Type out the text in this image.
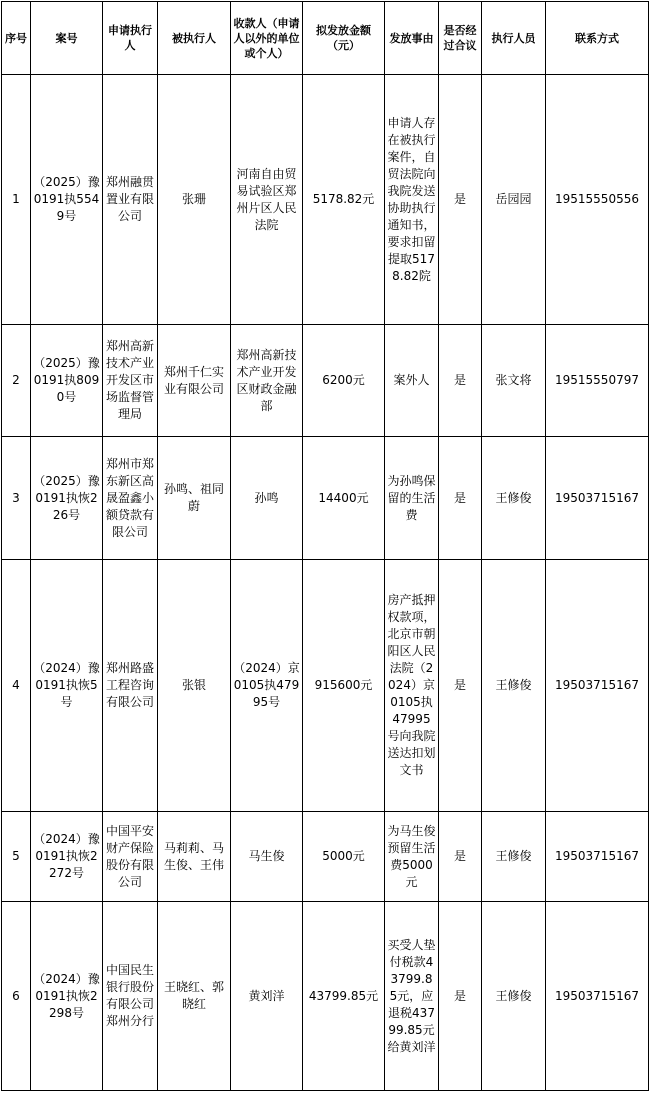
序号	案号	申请执行人	被执行人	收款人（申请人以外的单位或个人）	拟发放金额（元）	发放事由	是否经过合议	执行人员	联系方式
1	（2025）豫0191执5549号	郑州融贯置业有限公司	张珊	河南自由贸易试验区郑州片区人民法院	5178.82元	申请人存在被执行案件，自贸法院向我院发送协助执行通知书，要求扣留提取5178.82院	是	岳园园	19515550556
2	（2025）豫0191执8090号	郑州高新技术产业开发区市场监督管理局	郑州千仁实业有限公司	郑州高新技术产业开发区财政金融部	6200元	案外人	是	张文将	19515550797
3	（2025）豫0191执恢226号	郑州市郑东新区高晟盈鑫小额贷款有限公司	孙鸣、祖同蔚	孙鸣	14400元	为孙鸣保留的生活费	是	王修俊	19503715167
4	（2024）豫0191执恢5号	郑州路盛工程咨询有限公司	张银	（2024）京0105执47995号	915600元	房产抵押权款项，北京市朝阳区人民法院（2024）京0105执47995号向我院送达扣划文书	是	王修俊	19503715167
5	（2024）豫0191执恢2272号	中国平安财产保险股份有限公司	马莉莉、马生俊、王伟	马生俊	5000元	为马生俊预留生活费5000元	是	王修俊	19503715167
6	（2024）豫0191执恢2298号	中国民生银行股份有限公司郑州分行	王晓红、郭晓红	黄刘洋	43799.85元	买受人垫付税款43799.85元，应退税43799.85元给黄刘洋	是	王修俊	19503715167
